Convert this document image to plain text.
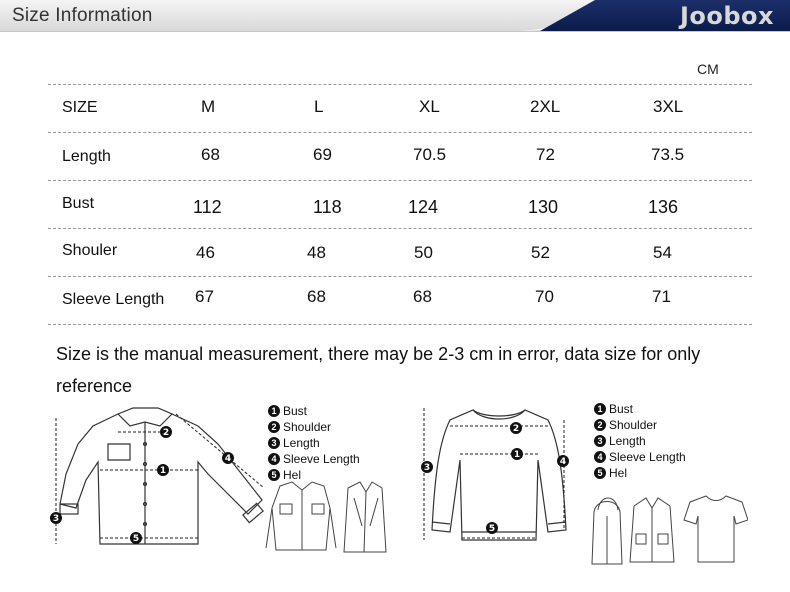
Size Information	Joobox
CM
SIZE	M	L	XL	2XL	3XL
Length	68	69	70.5	72	73.5
Bust	112	118	124	130	136
Shouler	46	48	50	52	54
Sleeve Length 67	68	68	70	71
Size is the manual measurement, there may be 2-3 cm in error, data size for only
reference
1
2
3
4
5
1 Bust
2 Shoulder
3 Length
4 Sleeve Length
5 Hel
1
2
3
4
5
1 Bust
2 Shoulder
3 Length
4 Sleeve Length
5 Hel
